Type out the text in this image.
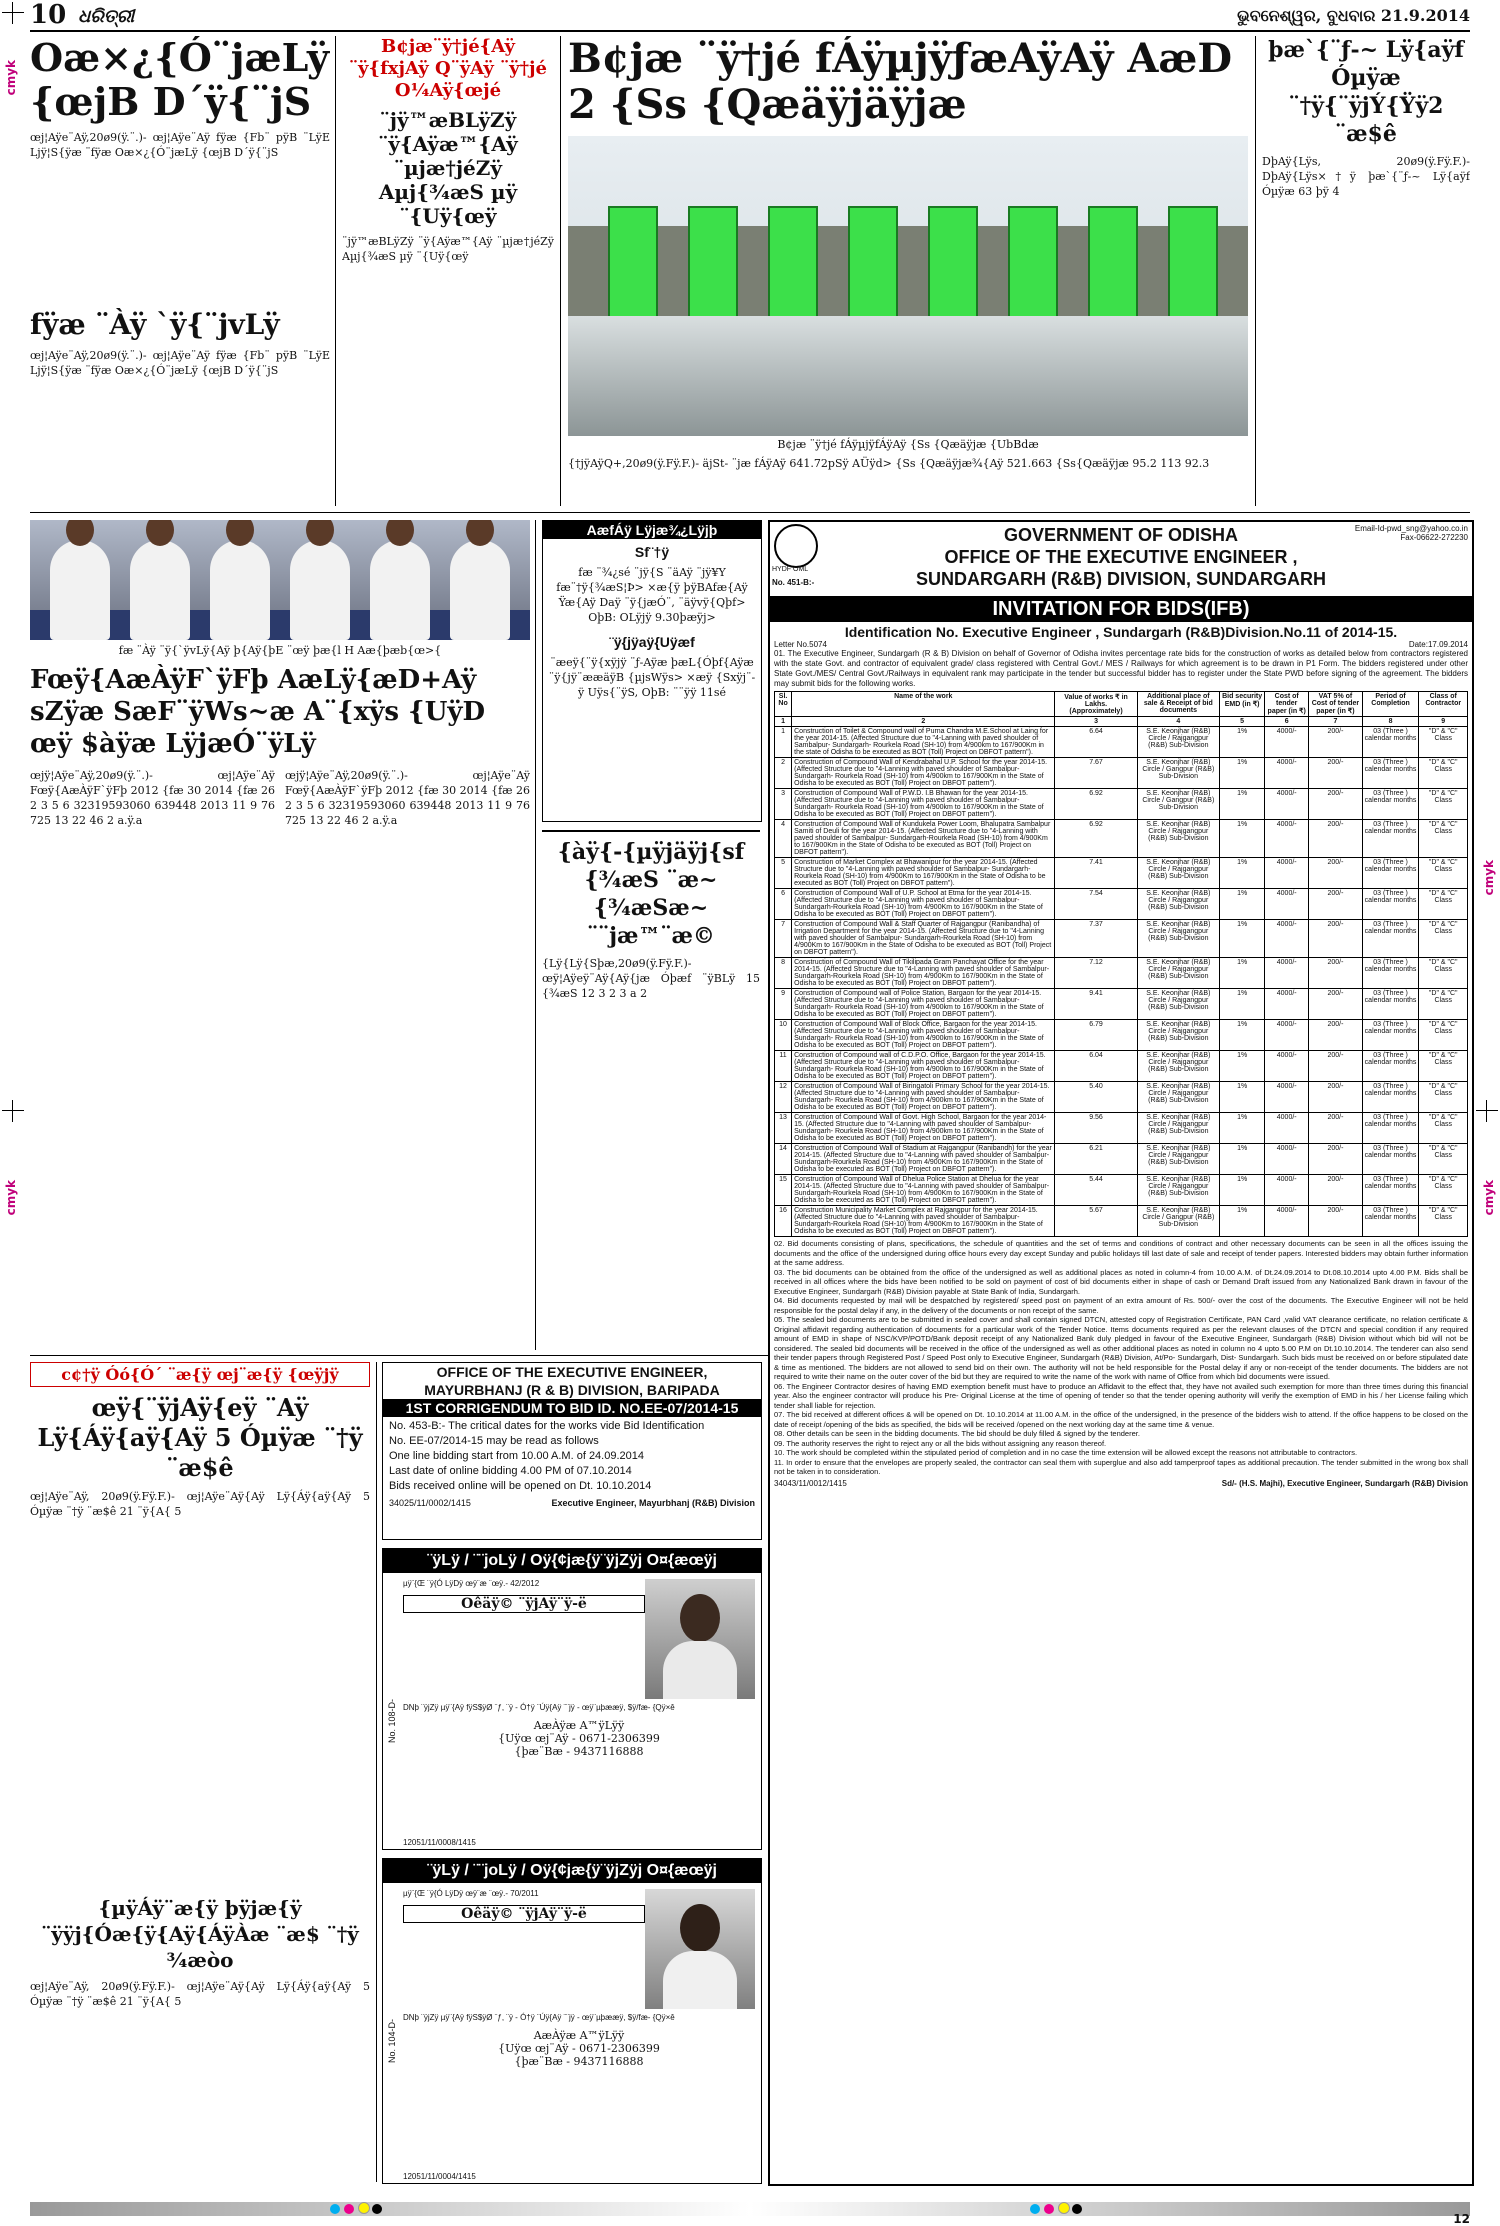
10 ଧରିତ୍ରୀ	ଭୁବନେଶ୍ୱର, ବୁଧବାର 21.9.2014
Oæ×¿{Ó¨jæLÿ {œjB D´ÿ{¨jS
œj¦Aÿe¨Aÿ,20ø9(ÿ.¨.)- œj¦Aÿe¨Aÿ fÿæ {Fb¨ pÿB ¨LÿE Ljÿ¦S{ÿæ ¨fÿæ Oæ×¿{Ó¨jæLÿ {œjB D´ÿ{¨jS
fÿæ ¨Àÿ `ÿ{¨jvLÿ
œj¦Aÿe¨Aÿ,20ø9(ÿ.¨.)- œj¦Aÿe¨Aÿ fÿæ {Fb¨ pÿB ¨LÿE Ljÿ¦S{ÿæ ¨fÿæ Oæ×¿{Ó¨jæLÿ {œjB D´ÿ{¨jS
B¢jæ¨ÿ†jé{Aÿ ¨ÿ{fxjAÿ Q¨ÿAÿ ¨ÿ†jé O¼Aÿ{œjé
¨jÿ™æBLÿZÿ ¨ÿ{Aÿæ™{Aÿ ¨µjæ†jéZÿ Aµj{¾æS µÿ ¨{Uÿ{œÿ
¨jÿ™æBLÿZÿ ¨ÿ{Aÿæ™{Aÿ ¨µjæ†jéZÿ Aµj{¾æS µÿ ¨{Uÿ{œÿ
B¢jæ ¨ÿ†jé fÁÿµjÿƒæAÿAÿ AæD 2 {Ss {Qæäÿjäÿjæ
B¢jæ ¨ÿ†jé fÁÿµjÿfÁÿAÿ {Ss {Qæäÿjæ {UbBdæ
{†jÿAÿQ+,20ø9(ÿ.Fÿ.F.)- äjSt- ¨jæ fÁÿAÿ 641.72pSÿ AÜÿd> {Ss {Qæäÿjæ¾{Aÿ 521.663 {Ss{Qæäÿjæ 95.2 113 92.3
þæ`{¨ƒ-~ Lÿ{aÿf Óµÿæ ¨†ÿ{¨ÿjÝ{Ÿÿ2 ¨æ$ê
DþAÿ{Lÿs, 20ø9(ÿ.Fÿ.F.)- DþAÿ{Lÿs×†ÿ þæ`{¨ƒ-~ Lÿ{aÿf Óµÿæ 63 þÿ 4
fæ ¨Àÿ ¨ÿ{`ÿvLÿ{Aÿ þ{Aÿ{þE ¨œÿ þæ{l H Aæ{þæb{œ>{
Fœÿ{AæÀÿF`ÿFþ AæLÿ{æD+Aÿ sZÿæ SæF¨ÿWs~æ A¨{xÿs {UÿD œÿ $àÿæ LÿjæÓ¨ÿLÿ
œjÿ¦Aÿe¨Aÿ,20ø9(ÿ.¨.)- œj¦Aÿe¨Aÿ Fœÿ{AæÀÿF`ÿFþ 2012 {fæ 30 2014 {fæ 26 2 3 5 6 32319593060 639448 2013 11 9 76 725 13 22 46 2 a.ÿ.a
œjÿ¦Aÿe¨Aÿ,20ø9(ÿ.¨.)- œj¦Aÿe¨Aÿ Fœÿ{AæÀÿF`ÿFþ 2012 {fæ 30 2014 {fæ 26 2 3 5 6 32319593060 639448 2013 11 9 76 725 13 22 46 2 a.ÿ.a
AæfÁÿ Lÿjæ¾¿Lÿjþ
Sf¨†ÿ
fæ ¨¾¿sé ¨jÿ{S ¨äAÿ ¨jÿ¥Y fæ¨†ÿ{¾æS¦Þ> ×æ{ÿ þÿBAfæ{Aÿ Ÿæ{Aÿ Daÿ ¨ÿ{jæÓ¨, ¨äÿvÿ{Qþf> OþB: OLÿjÿ 9.30þæÿj>
¨ÿ{jÿaÿ{Uÿæf
¨æeÿ{¨ÿ{xÿjÿ ¨ƒ-Aÿæ þæL{Óþf{Aÿæ ¨ÿ{jÿ¨ææäÿB {µjsWÿs> ×æÿ {Sxÿj¨-ÿ Uÿs{¨ÿS, OþB: ¨¨ÿÿ 11sé
{àÿ{-{µÿjäÿj{sf {¾æS ¨æ~ {¾æSæ~ ¨¨jæ™¨æ©
{Lÿ{Lÿ{Sþæ,20ø9(ÿ.Fÿ.F.)- œÿ¦Aÿeÿ¨Aÿ{Aÿ{jæ Óþæf ¨ÿBLÿ 15 {¾æS 12 3 2 3 a 2
c¢†ÿ Óó{Ó´ ¨æ{ÿ œj¨æ{ÿ {œÿjÿ
œÿ{¨ÿjAÿ{eÿ ¨Aÿ Lÿ{Áÿ{aÿ{Aÿ 5 Óµÿæ ¨†ÿ ¨æ$ê
œj¦Aÿe¨Aÿ, 20ø9(ÿ.Fÿ.F.)- œj¦Aÿe¨Aÿ{Aÿ Lÿ{Áÿ{aÿ{Aÿ 5 Óµÿæ ¨†ÿ ¨æ$ê 21 ¨ÿ{A{ 5
{µÿÁÿ¨æ{ÿ þÿjæ{ÿ ¨ÿÿj{Óæ{ÿ{Aÿ{ÁÿÀæ ¨æ$ ¨†ÿ ¾æòo
œj¦Aÿe¨Aÿ, 20ø9(ÿ.Fÿ.F.)- œj¦Aÿe¨Aÿ{Aÿ Lÿ{Áÿ{aÿ{Aÿ 5 Óµÿæ ¨†ÿ ¨æ$ê 21 ¨ÿ{A{ 5
OFFICE OF THE EXECUTIVE ENGINEER,
MAYURBHANJ (R & B) DIVISION, BARIPADA
1ST CORRIGENDUM TO BID ID. NO.EE-07/2014-15
No. 453-B:- The critical dates for the works vide Bid Identification
No. EE-07/2014-15 may be read as follows
One line bidding start from 10.00 A.M. of 24.09.2014
Last date of online bidding 4.00 PM of 07.10.2014
Bids received online will be opened on Dt. 10.10.2014
34025/11/0002/1415	Executive Engineer, Mayurbhanj (R&B) Division
¨ÿLÿ / ¨¨joLÿ / Oÿ{¢jæ{ÿ¨ÿjZÿj O¤{æœÿj
No. 108-D-
µÿ¨{Œ ¨ÿ{Ó LÿDÿ œÿ¨æ ¨œÿ.- 42/2012
Oêäÿ© ¨ÿjAÿ¨ÿ-ë
DNþ ¨ÿjZÿ µÿ¨{Aÿ fÿS$ÿØ ¨ƒ, ¨ÿ - Ó†ÿ ¨Úÿ{Aÿ ¨¨jÿ - œÿ¨µþææÿ, $ÿ/fæ- {Qÿ×ê
AæÀÿæ A™ÿLÿÿ
{Uÿœ œj¨Aÿ - 0671-2306399
{þæ¨Bæ - 9437116888
12051/11/0008/1415
¨ÿLÿ / ¨¨joLÿ / Oÿ{¢jæ{ÿ¨ÿjZÿj O¤{æœÿj
No. 104-D-
µÿ¨{Œ ¨ÿ{Ó LÿDÿ œÿ¨æ ¨œÿ.- 70/2011
Oêäÿ© ¨ÿjAÿ¨ÿ-ë
DNþ ¨ÿjZÿ µÿ¨{Aÿ fÿS$ÿØ ¨ƒ, ¨ÿ - Ó†ÿ ¨Úÿ{Aÿ ¨¨jÿ - œÿ¨µþææÿ, $ÿ/fæ- {Qÿ×ê
AæÀÿæ A™ÿLÿÿ
{Uÿœ œj¨Aÿ - 0671-2306399
{þæ¨Bæ - 9437116888
12051/11/0004/1415
HYDF OML
No. 451-B:-
Email-Id-pwd_sng@yahoo.co.in
Fax-06622-272230
GOVERNMENT OF ODISHA
OFFICE OF THE EXECUTIVE ENGINEER ,
SUNDARGARH (R&B) DIVISION, SUNDARGARH
INVITATION FOR BIDS(IFB)
Identification No. Executive Engineer , Sundargarh (R&B)Division.No.11 of 2014-15.
Letter No.5074	Date:17.09.2014
01. The Executive Engineer, Sundargarh (R & B) Division on behalf of Governor of Odisha invites percentage rate bids for the construction of works as detailed below from contractors registered with the state Govt. and contractor of equivalent grade/ class registered with Central Govt./ MES / Railways for which agreement is to be drawn in P1 Form. The bidders registered under other State Govt./MES/ Central Govt./Railways in equivalent rank may participate in the tender but successful bidder has to register under the State PWD before signing of the agreement. The bidders may submit bids for the following works.
Sl. No	Name of the work	Value of works ₹ in Lakhs. (Approximately)	Additional place of sale & Receipt of bid documents	Bid security EMD (in ₹)	Cost of tender paper (in ₹)	VAT 5% of Cost of tender paper (in ₹)	Period of Completion	Class of Contractor
1	2	3	4	5	6	7	8	9
1	Construction of Toilet & Compound wall of Purna Chandra M.E.School at Laing for the year 2014-15. (Affected Structure due to "4-Lanning with paved shoulder of Sambalpur- Sundargarh- Rourkela Road (SH-10) from 4/900km to 167/900Km in the state of Odisha to be executed as BOT (Toll) Project on DBFOT pattern").	6.64	S.E. Keonjhar (R&B) Circle / Rajgangpur (R&B) Sub-Division	1%	4000/-	200/-	03 (Three ) calendar months	"D" & "C" Class
2	Construction of Compound Wall of Kendrabahal U.P. School for the year 2014-15. (Affected Structure due to "4-Lanning with paved shoulder of Sambalpur- Sundargarh- Rourkela Road (SH-10) from 4/900km to 167/900Km in the State of Odisha to be executed as BOT (Toll) Project on DBFOT pattern").	7.67	S.E. Keonjhar (R&B) Circle / Gangpur (R&B) Sub-Division	1%	4000/-	200/-	03 (Three ) calendar months	"D" & "C" Class
3	Construction of Compound Wall of P.W.D. I.B Bhawan for the year 2014-15. (Affected Structure due to "4-Lanning with paved shoulder of Sambalpur- Sundargarh- Rourkela Road (SH-10) from 4/900km to 167/900Km in the State of Odisha to be executed as BOT (Toll) Project on DBFOT pattern").	6.92	S.E. Keonjhar (R&B) Circle / Gangpur (R&B) Sub-Division	1%	4000/-	200/-	03 (Three ) calendar months	"D" & "C" Class
4	Construction of Compound Wall of Kundukela Power Loom, Bhalupatra Sambalpur Samiti of Deuli for the year 2014-15. (Affected Structure due to "4-Lanning with paved shoulder of Sambalpur- Sundargarh-Rourkela Road (SH-10) from 4/900Km to 167/900Km in the State of Odisha to be executed as BOT (Toll) Project on DBFOT pattern").	6.92	S.E. Keonjhar (R&B) Circle / Rajgangpur (R&B) Sub-Division	1%	4000/-	200/-	03 (Three ) calendar months	"D" & "C" Class
5	Construction of Market Complex at Bhawanipur for the year 2014-15. (Affected Structure due to "4-Lanning with paved shoulder of Sambalpur- Sundargarh-Rourkela Road (SH-10) from 4/900Km to 167/900Km in the State of Odisha to be executed as BOT (Toll) Project on DBFOT pattern").	7.41	S.E. Keonjhar (R&B) Circle / Rajgangpur (R&B) Sub-Division	1%	4000/-	200/-	03 (Three ) calendar months	"D" & "C" Class
6	Construction of Compound Wall of U.P. School at Etma for the year 2014-15. (Affected Structure due to "4-Lanning with paved shoulder of Sambalpur- Sundargarh-Rourkela Road (SH-10) from 4/900Km to 167/900Km in the State of Odisha to be executed as BOT (Toll) Project on DBFOT pattern").	7.54	S.E. Keonjhar (R&B) Circle / Rajgangpur (R&B) Sub-Division	1%	4000/-	200/-	03 (Three ) calendar months	"D" & "C" Class
7	Construction of Compound Wall & Staff Quarter of Rajgangpur (Ranibandha) of Irrigation Department for the year 2014-15. (Affected Structure due to "4-Lanning with paved shoulder of Sambalpur- Sundargarh-Rourkela Road (SH-10) from 4/900Km to 167/900Km in the State of Odisha to be executed as BOT (Toll) Project on DBFOT pattern").	7.37	S.E. Keonjhar (R&B) Circle / Rajgangpur (R&B) Sub-Division	1%	4000/-	200/-	03 (Three ) calendar months	"D" & "C" Class
8	Construction of Compound Wall of Tikilipada Gram Panchayat Office for the year 2014-15. (Affected Structure due to "4-Lanning with paved shoulder of Sambalpur- Sundargarh-Rourkela Road (SH-10) from 4/900Km to 167/900Km in the State of Odisha to be executed as BOT (Toll) Project on DBFOT pattern").	7.12	S.E. Keonjhar (R&B) Circle / Rajgangpur (R&B) Sub-Division	1%	4000/-	200/-	03 (Three ) calendar months	"D" & "C" Class
9	Construction of Compound wall of Police Station, Bargaon for the year 2014-15. (Affected Structure due to "4-Lanning with paved shoulder of Sambalpur- Sundargarh- Rourkela Road (SH-10) from 4/900km to 167/900Km in the State of Odisha to be executed as BOT (Toll) Project on DBFOT pattern").	9.41	S.E. Keonjhar (R&B) Circle / Rajgangpur (R&B) Sub-Division	1%	4000/-	200/-	03 (Three ) calendar months	"D" & "C" Class
10	Construction of Compound Wall of Block Office, Bargaon for the year 2014-15. (Affected Structure due to "4-Lanning with paved shoulder of Sambalpur- Sundargarh- Rourkela Road (SH-10) from 4/900km to 167/900Km in the State of Odisha to be executed as BOT (Toll) Project on DBFOT pattern").	6.79	S.E. Keonjhar (R&B) Circle / Rajgangpur (R&B) Sub-Division	1%	4000/-	200/-	03 (Three ) calendar months	"D" & "C" Class
11	Construction of Compound wall of C.D.P.O. Office, Bargaon for the year 2014-15. (Affected Structure due to "4-Lanning with paved shoulder of Sambalpur- Sundargarh- Rourkela Road (SH-10) from 4/900km to 167/900Km in the State of Odisha to be executed as BOT (Toll) Project on DBFOT pattern").	6.04	S.E. Keonjhar (R&B) Circle / Rajgangpur (R&B) Sub-Division	1%	4000/-	200/-	03 (Three ) calendar months	"D" & "C" Class
12	Construction of Compound Wall of Biringatoli Primary School for the year 2014-15. (Affected Structure due to "4-Lanning with paved shoulder of Sambalpur- Sundargarh- Rourkela Road (SH-10) from 4/900km to 167/900Km in the State of Odisha to be executed as BOT (Toll) Project on DBFOT pattern").	5.40	S.E. Keonjhar (R&B) Circle / Rajgangpur (R&B) Sub-Division	1%	4000/-	200/-	03 (Three ) calendar months	"D" & "C" Class
13	Construction of Compound Wall of Govt. High School, Bargaon for the year 2014-15. (Affected Structure due to "4-Lanning with paved shoulder of Sambalpur- Sundargarh- Rourkela Road (SH-10) from 4/900km to 167/900Km in the State of Odisha to be executed as BOT (Toll) Project on DBFOT pattern").	9.56	S.E. Keonjhar (R&B) Circle / Rajgangpur (R&B) Sub-Division	1%	4000/-	200/-	03 (Three ) calendar months	"D" & "C" Class
14	Construction of Compound Wall of Stadium at Rajgangpur (Ranibandh) for the year 2014-15. (Affected Structure due to "4-Lanning with paved shoulder of Sambalpur- Sundargarh-Rourkela Road (SH-10) from 4/900Km to 167/900Km in the State of Odisha to be executed as BOT (Toll) Project on DBFOT pattern").	6.21	S.E. Keonjhar (R&B) Circle / Rajgangpur (R&B) Sub-Division	1%	4000/-	200/-	03 (Three ) calendar months	"D" & "C" Class
15	Construction of Compound Wall of Dhelua Police Station at Dhelua for the year 2014-15. (Affected Structure due to "4-Lanning with paved shoulder of Sambalpur- Sundargarh-Rourkela Road (SH-10) from 4/900Km to 167/900Km in the State of Odisha to be executed as BOT (Toll) Project on DBFOT pattern").	5.44	S.E. Keonjhar (R&B) Circle / Rajgangpur (R&B) Sub-Division	1%	4000/-	200/-	03 (Three ) calendar months	"D" & "C" Class
16	Construction Municipality Market Complex at Rajgangpur for the year 2014-15. (Affected Structure due to "4-Lanning with paved shoulder of Sambalpur- Sundargarh-Rourkela Road (SH-10) from 4/900Km to 167/900Km in the State of Odisha to be executed as BOT (Toll) Project on DBFOT pattern").	5.67	S.E. Keonjhar (R&B) Circle / Gangpur (R&B) Sub-Division	1%	4000/-	200/-	03 (Three ) calendar months	"D" & "C" Class
02. Bid documents consisting of plans, specifications, the schedule of quantities and the set of terms and conditions of contract and other necessary documents can be seen in all the offices issuing the documents and the office of the undersigned during office hours every day except Sunday and public holidays till last date of sale and receipt of tender papers. Interested bidders may obtain further information at the same address.
03. The bid documents can be obtained from the office of the undersigned as well as additional places as noted in column-4 from 10.00 A.M. of Dt.24.09.2014 to Dt.08.10.2014 upto 4.00 P.M. Bids shall be received in all offices where the bids have been notified to be sold on payment of cost of bid documents either in shape of cash or Demand Draft issued from any Nationalized Bank drawn in favour of the Executive Engineer, Sundargarh (R&B) Division payable at State Bank of India, Sundargarh.
04. Bid documents requested by mail will be despatched by registered/ speed post on payment of an extra amount of Rs. 500/- over the cost of the documents. The Executive Engineer will not be held responsible for the postal delay if any, in the delivery of the documents or non receipt of the same.
05. The sealed bid documents are to be submitted in sealed cover and shall contain signed DTCN, attested copy of Registration Certificate, PAN Card ,valid VAT clearance certificate, no relation certificate & Original affidavit regarding authentication of documents for a particular work of the Tender Notice. Items documents required as per the relevant clauses of the DTCN and special condition if any required amount of EMD in shape of NSC/KVP/POTD/Bank deposit receipt of any Nationalized Bank duly pledged in favour of the Executive Engineer, Sundargarh (R&B) Division without which bid will not be considered. The sealed bid documents will be received in the office of the undersigned as well as other additional places as noted in column no 4 upto 5.00 P.M on Dt.10.10.2014. The tenderer can also send their tender papers through Registered Post / Speed Post only to Executive Engineer, Sundargarh (R&B) Division, At/Po- Sundargarh, Dist- Sundargarh. Such bids must be received on or before stipulated date & time as mentioned. The bidders are not allowed to send bid on their own. The authority will not be held responsible for the Postal delay if any or non-receipt of the tender documents. The bidders are not required to write their name on the outer cover of the bid but they are required to write the name of the work with name of Office from which bid documents were issued.
06. The Engineer Contractor desires of having EMD exemption benefit must have to produce an Affidavit to the effect that, they have not availed such exemption for more than three times during this financial year. Also the engineer contractor will produce his Pre- Original License at the time of opening of tender so that the tender opening authority will verify the exemption of EMD in his / her License failing which tender shall liable for rejection.
07. The bid received at different offices & will be opened on Dt. 10.10.2014 at 11.00 A.M. in the office of the undersigned, in the presence of the bidders wish to attend. If the office happens to be closed on the date of receipt /opening of the bids as specified, the bids will be received /opened on the next working day at the same time & venue.
08. Other details can be seen in the bidding documents. The bid should be duly filled & signed by the tenderer.
09. The authority reserves the right to reject any or all the bids without assigning any reason thereof.
10. The work should be completed within the stipulated period of completion and in no case the time extension will be allowed except the reasons not attributable to contractors.
11. In order to ensure that the envelopes are properly sealed, the contractor can seal them with superglue and also add tamperproof tapes as additional precaution. The tender submitted in the wrong box shall not be taken in to consideration.
34043/11/0012/1415	Sd/- (H.S. Majhi), Executive Engineer, Sundargarh (R&B) Division
12
cmyk
cmyk
cmyk
cmyk
